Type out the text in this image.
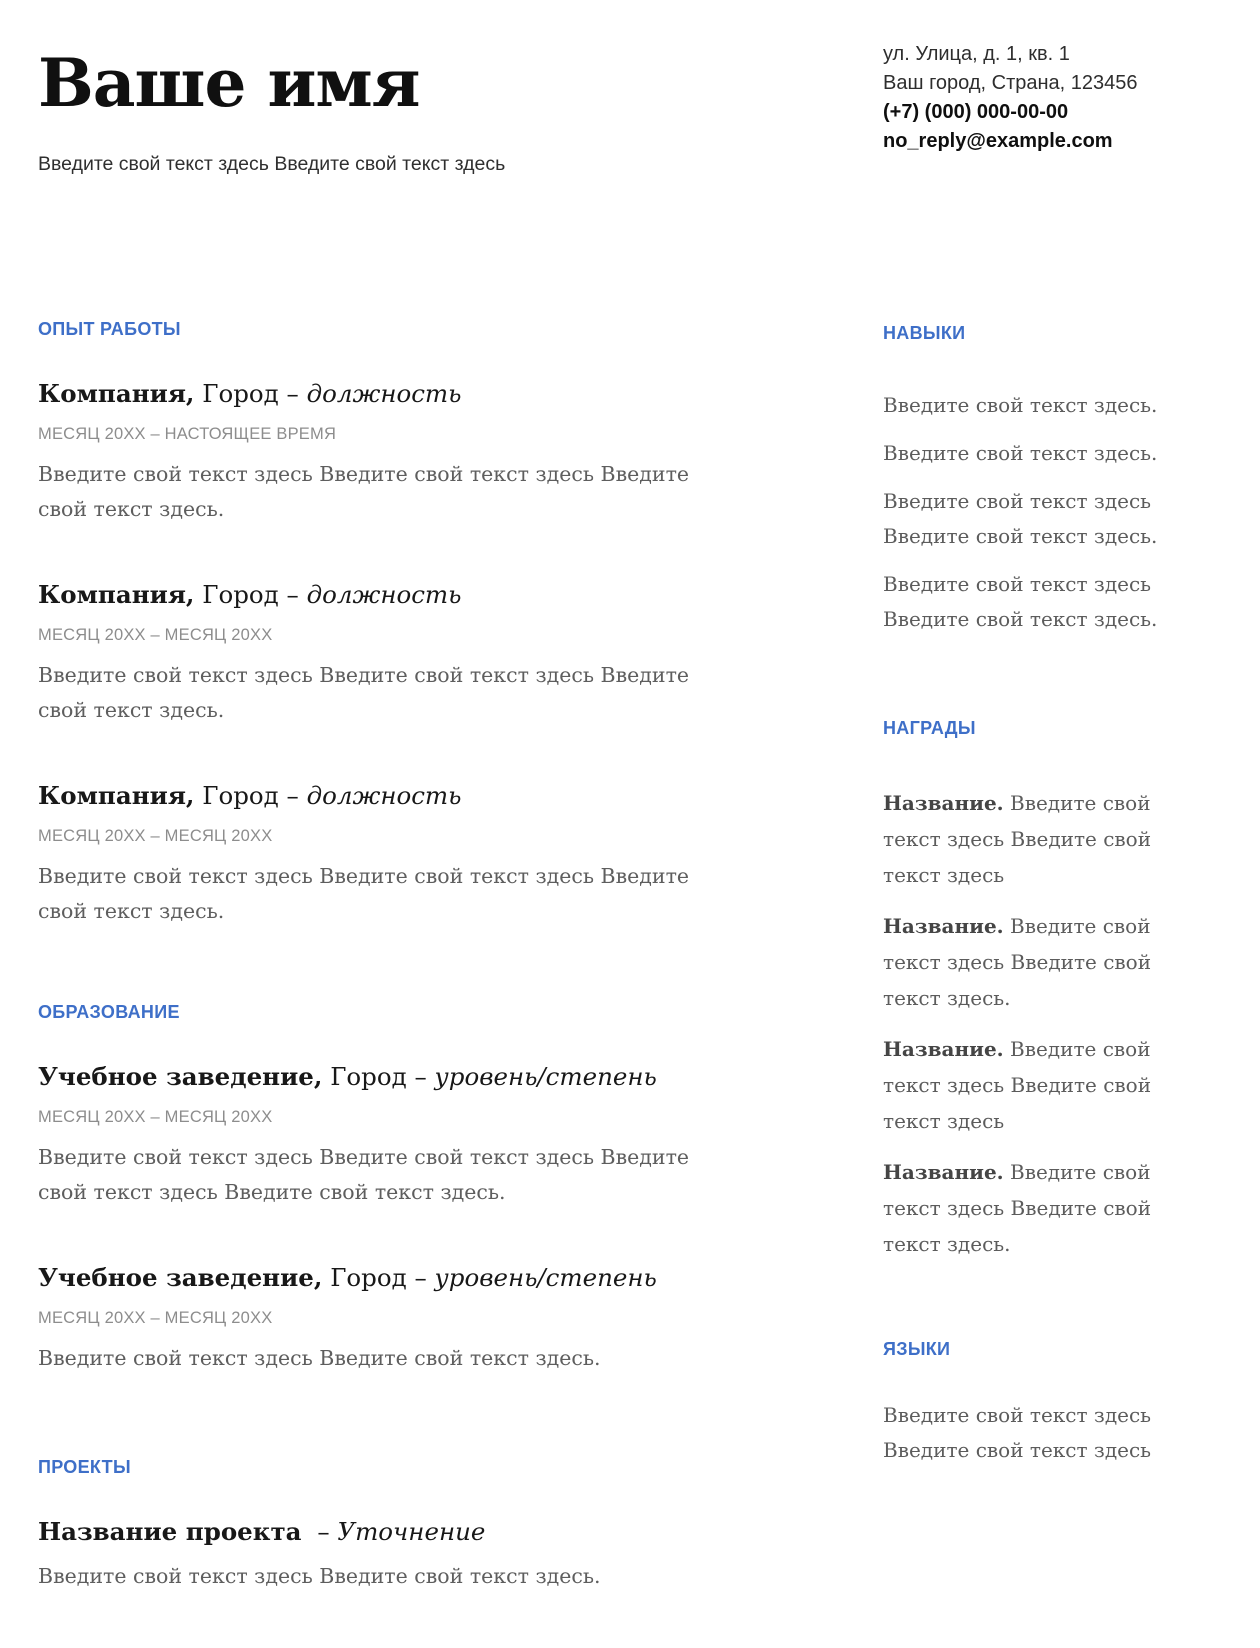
Ваше имя
Введите свой текст здесь Введите свой текст здесь
ОПЫТ РАБОТЫ
Компания, Город – должность
МЕСЯЦ 20XX – НАСТОЯЩЕЕ ВРЕМЯ
Введите свой текст здесь Введите свой текст здесь Введите свой текст здесь.
Компания, Город – должность
МЕСЯЦ 20XX – МЕСЯЦ 20XX
Введите свой текст здесь Введите свой текст здесь Введите свой текст здесь.
Компания, Город – должность
МЕСЯЦ 20XX – МЕСЯЦ 20XX
Введите свой текст здесь Введите свой текст здесь Введите свой текст здесь.
ОБРАЗОВАНИЕ
Учебное заведение, Город – уровень/степень
МЕСЯЦ 20XX – МЕСЯЦ 20XX
Введите свой текст здесь Введите свой текст здесь Введите свой текст здесь Введите свой текст здесь.
Учебное заведение, Город – уровень/степень
МЕСЯЦ 20XX – МЕСЯЦ 20XX
Введите свой текст здесь Введите свой текст здесь.
ПРОЕКТЫ
Название проекта – Уточнение
Введите свой текст здесь Введите свой текст здесь.
ул. Улица, д. 1, кв. 1
Ваш город, Страна, 123456
(+7) (000) 000-00-00
no_reply@example.com
НАВЫКИ
Введите свой текст здесь.
Введите свой текст здесь.
Введите свой текст здесь Введите свой текст здесь.
Введите свой текст здесь Введите свой текст здесь.
НАГРАДЫ
Название. Введите свой текст здесь Введите свой текст здесь
Название. Введите свой текст здесь Введите свой текст здесь.
Название. Введите свой текст здесь Введите свой текст здесь
Название. Введите свой текст здесь Введите свой текст здесь.
ЯЗЫКИ
Введите свой текст здесь Введите свой текст здесь
